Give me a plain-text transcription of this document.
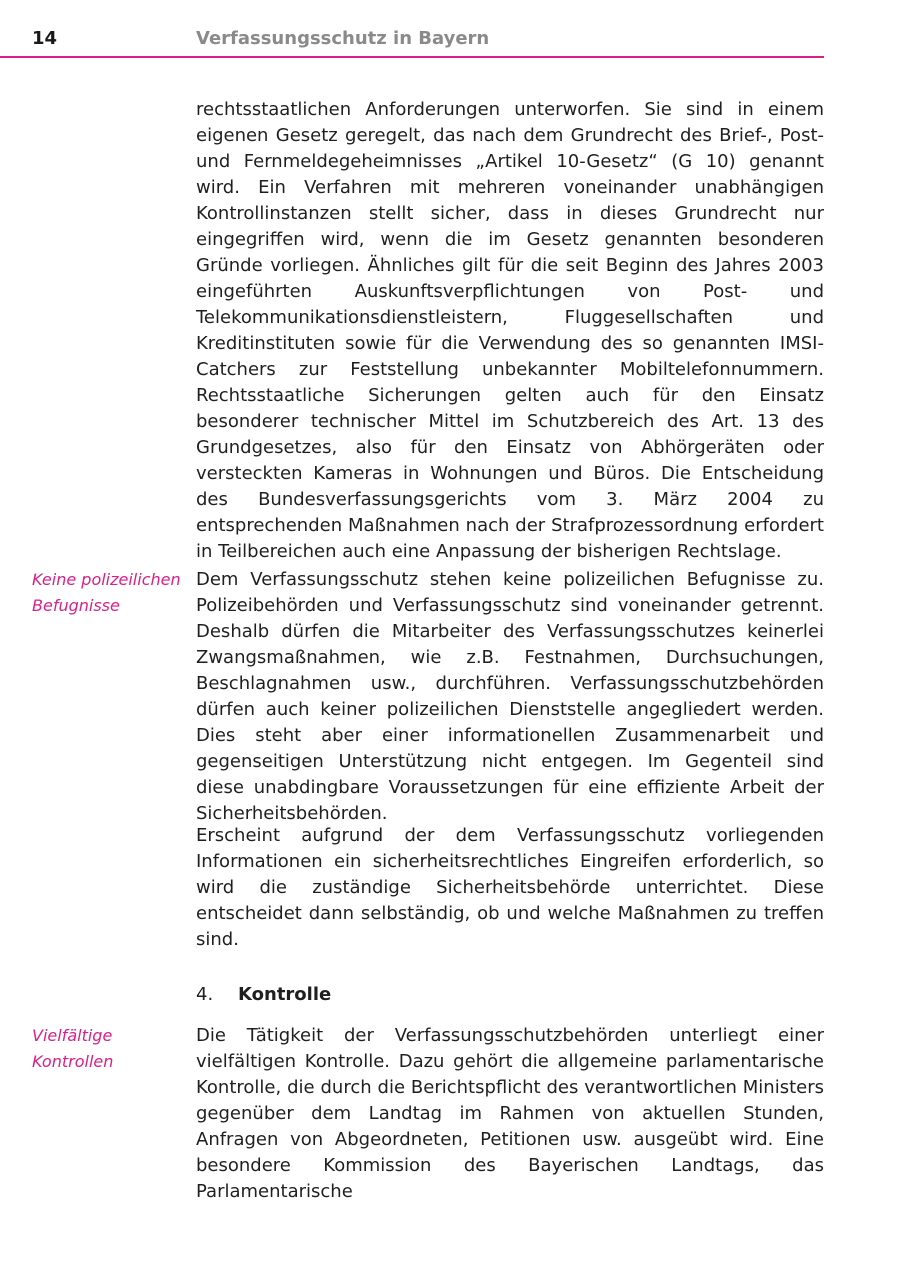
14	Verfassungsschutz in Bayern

rechtsstaatlichen Anforderungen unterworfen. Sie sind in einem eigenen Gesetz geregelt, das nach dem Grundrecht des Brief-, Post- und Fernmeldegeheimnisses „Artikel 10-Gesetz“ (G 10) genannt wird. Ein Verfahren mit mehreren voneinander unabhängigen Kontrollinstanzen stellt sicher, dass in dieses Grundrecht nur eingegriffen wird, wenn die im Gesetz genannten besonderen Gründe vorliegen. Ähnliches gilt für die seit Beginn des Jahres 2003 eingeführten Auskunftsverpflichtungen von Post- und Telekommunikationsdienstleistern, Fluggesellschaften und Kreditinstituten sowie für die Verwendung des so genannten IMSI-Catchers zur Feststellung unbekannter Mobiltelefonnummern. Rechtsstaatliche Sicherungen gelten auch für den Einsatz besonderer technischer Mittel im Schutzbereich des Art. 13 des Grundgesetzes, also für den Einsatz von Abhörgeräten oder versteckten Kameras in Wohnungen und Büros. Die Entscheidung des Bundesverfassungsgerichts vom 3. März 2004 zu entsprechenden Maßnahmen nach der Strafprozessordnung erfordert in Teilbereichen auch eine Anpassung der bisherigen Rechtslage.

Keine polizeilichen Befugnisse

Dem Verfassungsschutz stehen keine polizeilichen Befugnisse zu. Polizeibehörden und Verfassungsschutz sind voneinander getrennt. Deshalb dürfen die Mitarbeiter des Verfassungsschutzes keinerlei Zwangsmaßnahmen, wie z.B. Festnahmen, Durchsuchungen, Beschlagnahmen usw., durchführen. Verfassungsschutzbehörden dürfen auch keiner polizeilichen Dienststelle angegliedert werden. Dies steht aber einer informationellen Zusammenarbeit und gegenseitigen Unterstützung nicht entgegen. Im Gegenteil sind diese unabdingbare Voraussetzungen für eine effiziente Arbeit der Sicherheitsbehörden.

Erscheint aufgrund der dem Verfassungsschutz vorliegenden Informationen ein sicherheitsrechtliches Eingreifen erforderlich, so wird die zuständige Sicherheitsbehörde unterrichtet. Diese entscheidet dann selbständig, ob und welche Maßnahmen zu treffen sind.

4. Kontrolle
Vielfältige Kontrollen

Die Tätigkeit der Verfassungsschutzbehörden unterliegt einer vielfältigen Kontrolle. Dazu gehört die allgemeine parlamentarische Kontrolle, die durch die Berichtspflicht des verantwortlichen Ministers gegenüber dem Landtag im Rahmen von aktuellen Stunden, Anfragen von Abgeordneten, Petitionen usw. ausgeübt wird. Eine besondere Kommission des Bayerischen Landtags, das Parlamentarische
